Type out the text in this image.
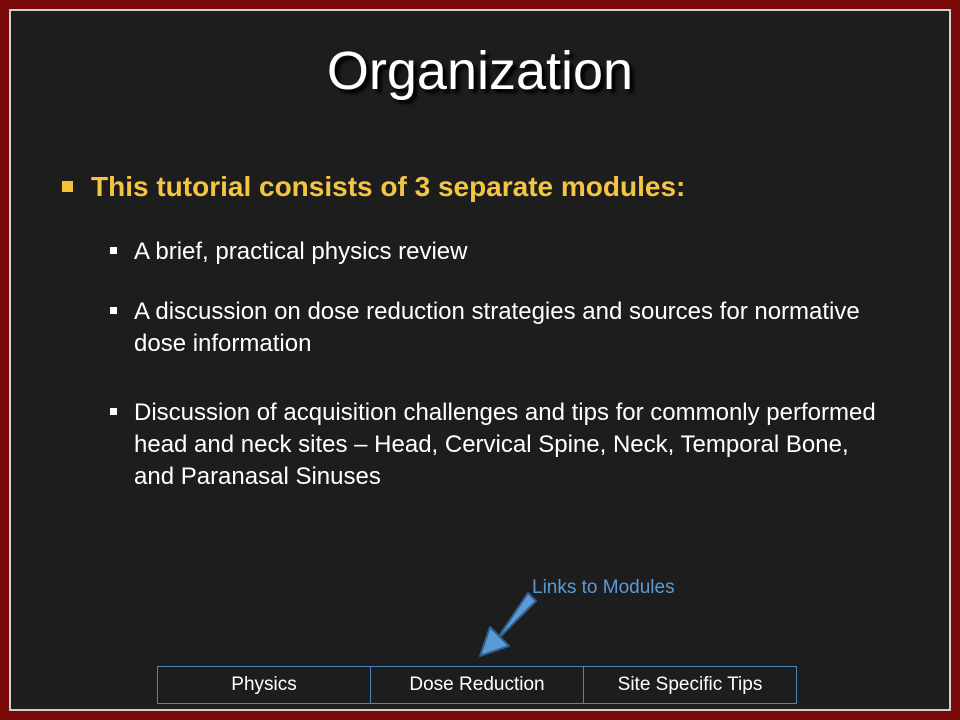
Organization
This tutorial consists of 3 separate modules:
A brief, practical physics review
A discussion on dose reduction strategies and sources for normative dose information
Discussion of acquisition challenges and tips for commonly performed head and neck sites – Head, Cervical Spine, Neck, Temporal Bone, and Paranasal Sinuses
Links to Modules
Physics	Dose Reduction	Site Specific Tips
